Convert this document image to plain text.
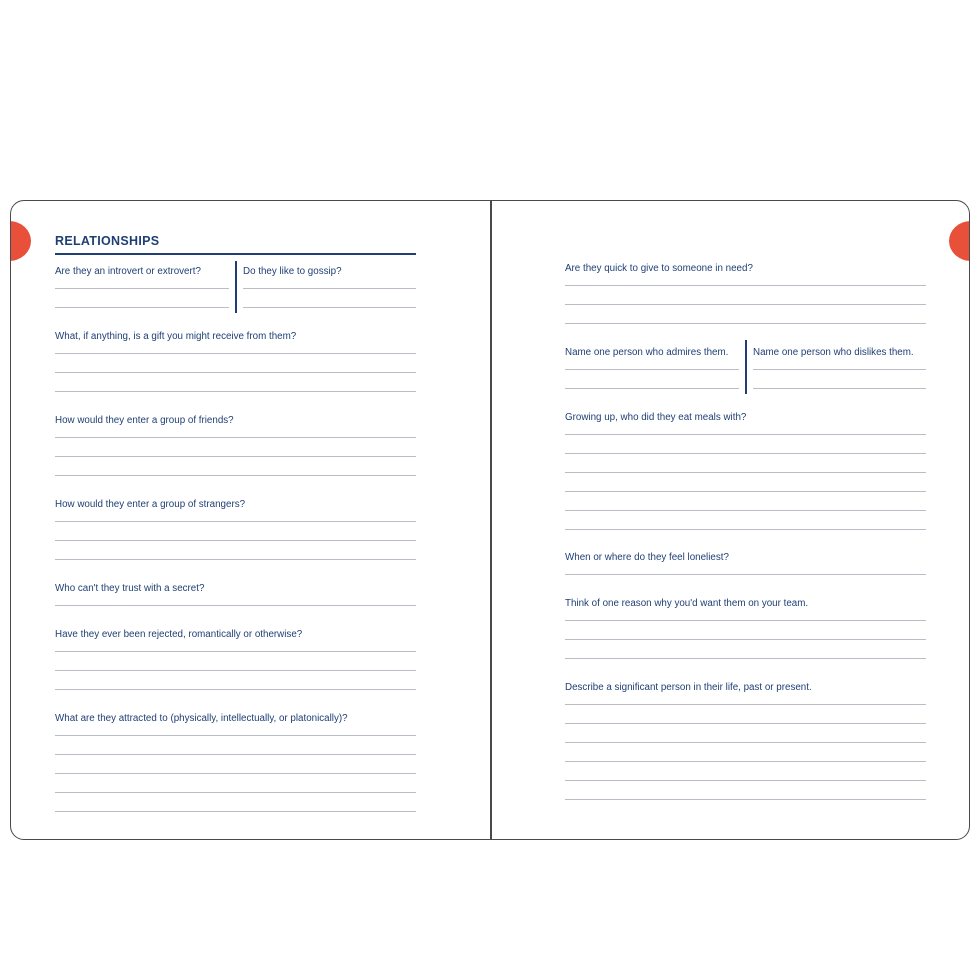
RELATIONSHIPS
Are they an introvert or extrovert?	Do they like to gossip?
What, if anything, is a gift you might receive from them?
How would they enter a group of friends?
How would they enter a group of strangers?
Who can't they trust with a secret?
Have they ever been rejected, romantically or otherwise?
What are they attracted to (physically, intellectually, or platonically)?
Are they quick to give to someone in need?
Name one person who admires them.	Name one person who dislikes them.
Growing up, who did they eat meals with?
When or where do they feel loneliest?
Think of one reason why you'd want them on your team.
Describe a significant person in their life, past or present.
